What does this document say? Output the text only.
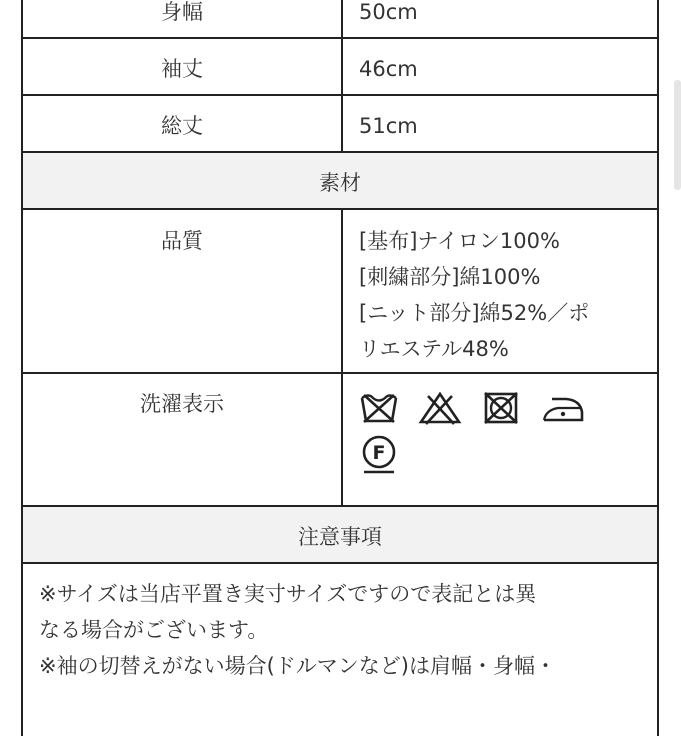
身幅	50cm
袖丈	46cm
総丈	51cm
素材	
品質	[基布]ナイロン100%
[刺繍部分]綿100%
[ニット部分]綿52%／ポ
リエステル48%

洗濯表示	F

注意事項	

※サイズは当店平置き実寸サイズですので表記とは異
なる場合がございます。
※袖の切替えがない場合(ドルマンなど)は肩幅・身幅・	
